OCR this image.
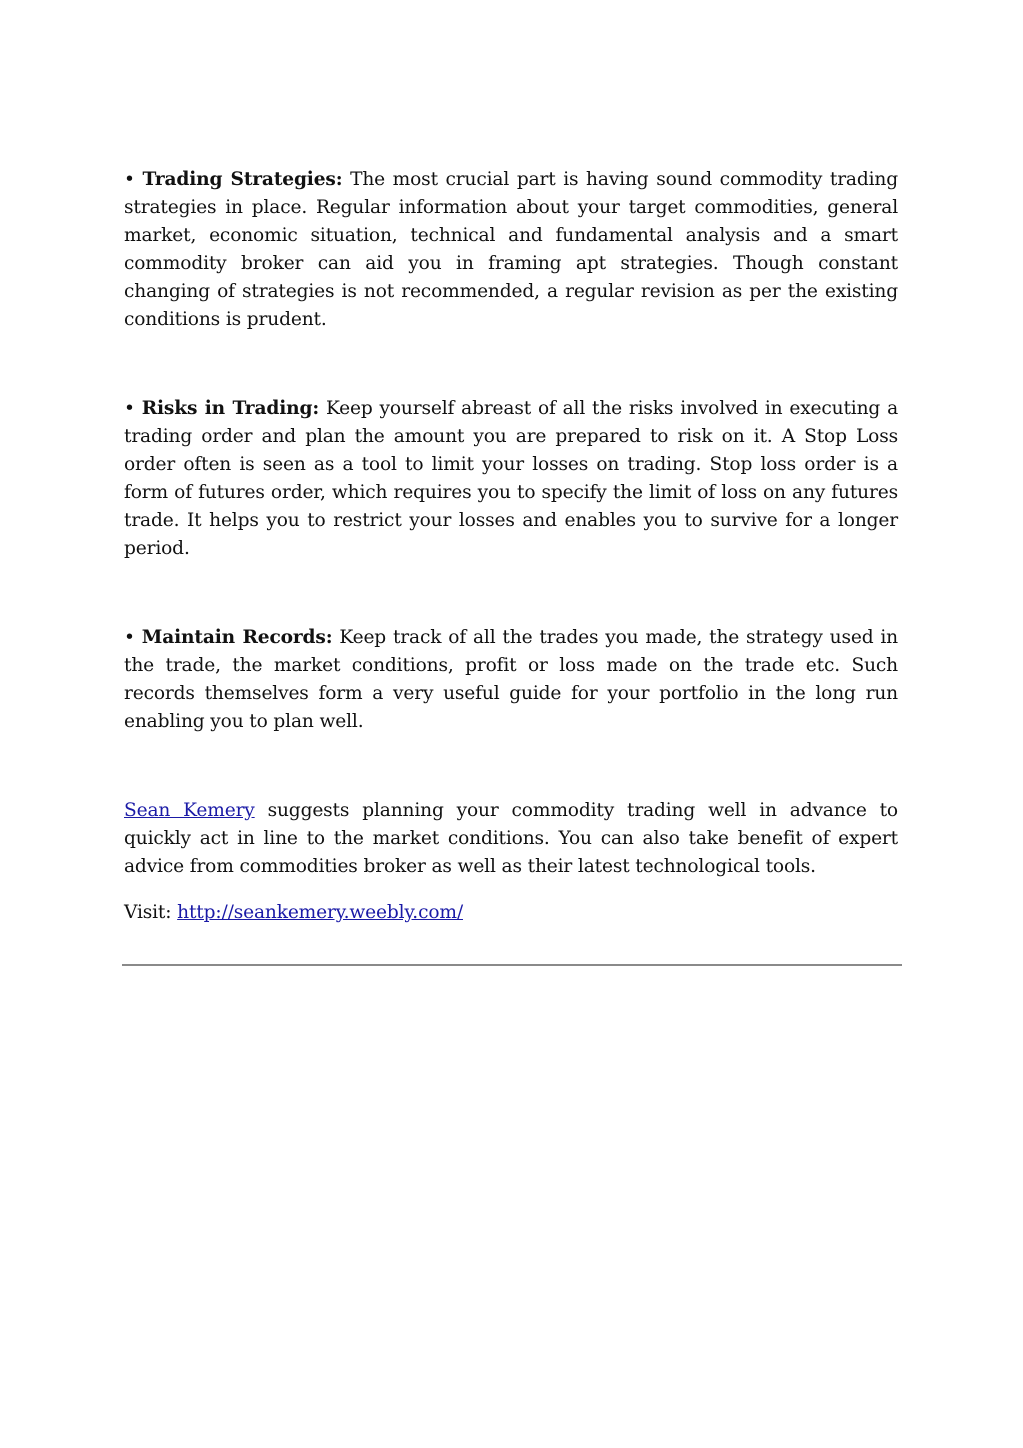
• Trading Strategies: The most crucial part is having sound commodity trading strategies in place. Regular information about your target commodities, general market, economic situation, technical and fundamental analysis and a smart commodity broker can aid you in framing apt strategies. Though constant changing of strategies is not recommended, a regular revision as per the existing conditions is prudent.

• Risks in Trading: Keep yourself abreast of all the risks involved in executing a trading order and plan the amount you are prepared to risk on it. A Stop Loss order often is seen as a tool to limit your losses on trading. Stop loss order is a form of futures order, which requires you to specify the limit of loss on any futures trade. It helps you to restrict your losses and enables you to survive for a longer period.

• Maintain Records: Keep track of all the trades you made, the strategy used in the trade, the market conditions, profit or loss made on the trade etc. Such records themselves form a very useful guide for your portfolio in the long run enabling you to plan well.

Sean Kemery suggests planning your commodity trading well in advance to quickly act in line to the market conditions. You can also take benefit of expert advice from commodities broker as well as their latest technological tools.

Visit: http://seankemery.weebly.com/
